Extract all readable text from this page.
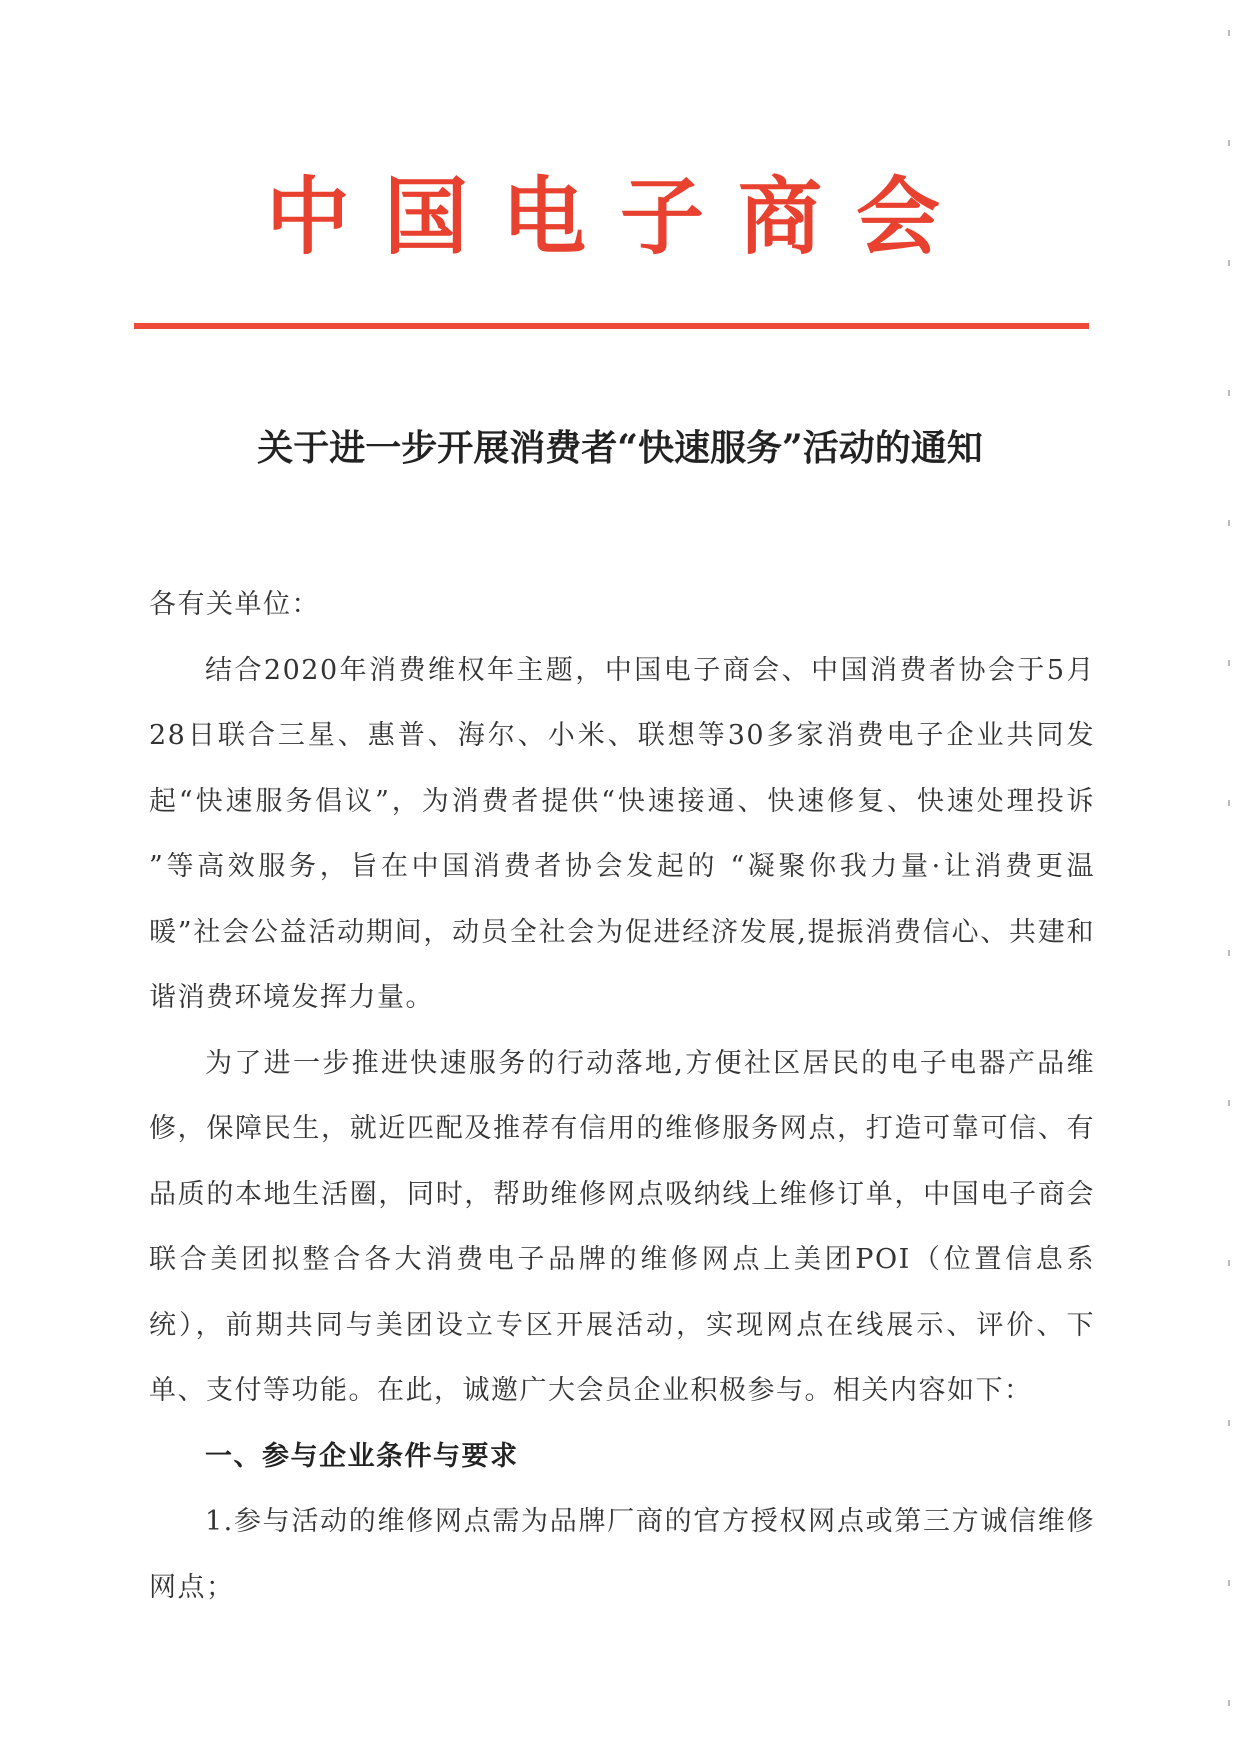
中国电子商会
关于进一步开展消费者“快速服务”活动的通知

各有关单位：

结合2020年消费维权年主题，中国电子商会、中国消费者协会于5月28日联合三星、惠普、海尔、小米、联想等30多家消费电子企业共同发起“快速服务倡议”，为消费者提供“快速接通、快速修复、快速处理投诉 ”等高效服务，旨在中国消费者协会发起的 “凝聚你我力量·让消费更温暖”社会公益活动期间，动员全社会为促进经济发展,提振消费信心、共建和谐消费环境发挥力量。

为了进一步推进快速服务的行动落地,方便社区居民的电子电器产品维修，保障民生，就近匹配及推荐有信用的维修服务网点，打造可靠可信、有品质的本地生活圈，同时，帮助维修网点吸纳线上维修订单，中国电子商会联合美团拟整合各大消费电子品牌的维修网点上美团POI（位置信息系统），前期共同与美团设立专区开展活动，实现网点在线展示、评价、下单、支付等功能。在此，诚邀广大会员企业积极参与。相关内容如下：

一、参与企业条件与要求

1.参与活动的维修网点需为品牌厂商的官方授权网点或第三方诚信维修网点；
